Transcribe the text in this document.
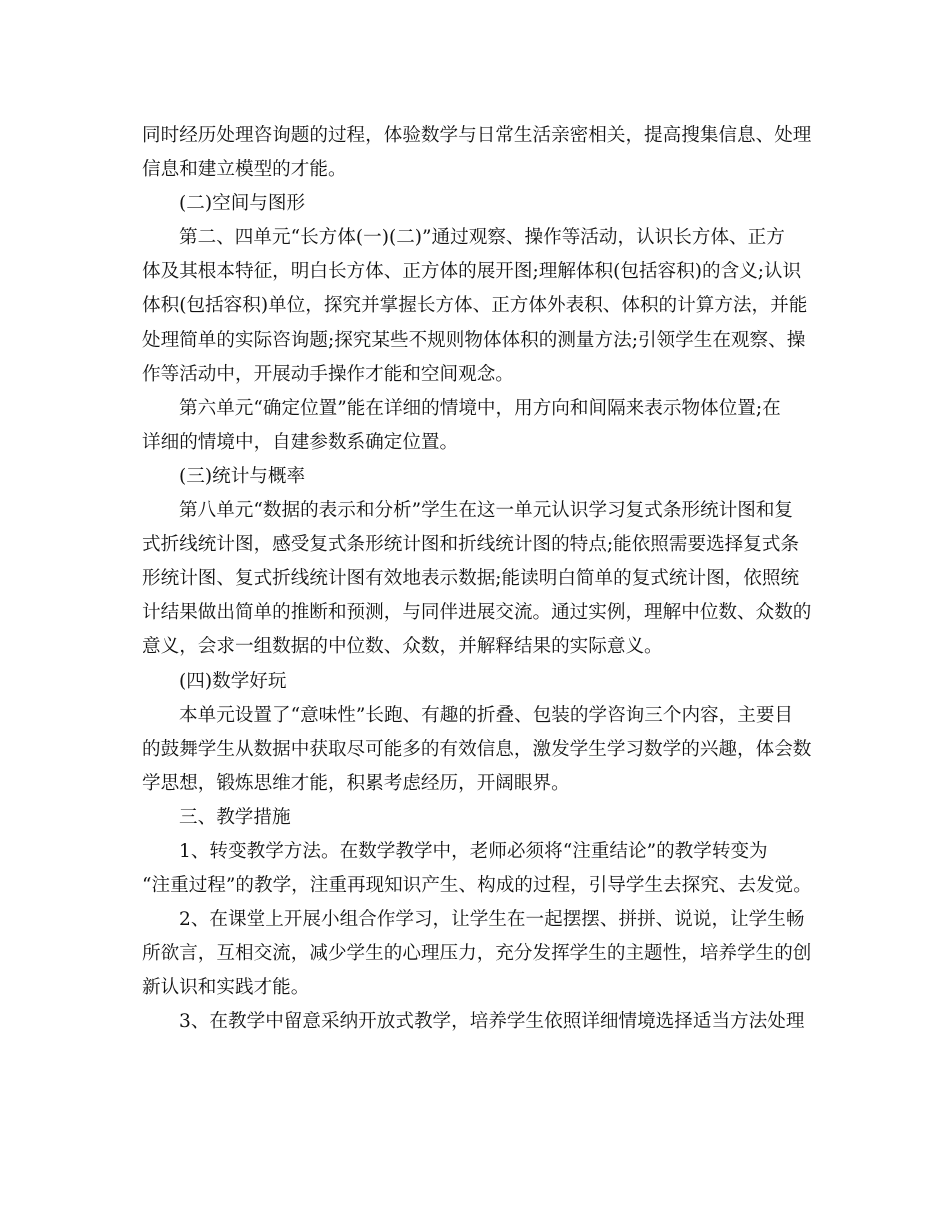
同时经历处理咨询题的过程，体验数学与日常生活亲密相关，提高搜集信息、处理
信息和建立模型的才能。
(二)空间与图形
第二、四单元“长方体(一)(二)”通过观察、操作等活动，认识长方体、正方
体及其根本特征，明白长方体、正方体的展开图;理解体积(包括容积)的含义;认识
体积(包括容积)单位，探究并掌握长方体、正方体外表积、体积的计算方法，并能
处理简单的实际咨询题;探究某些不规则物体体积的测量方法;引领学生在观察、操
作等活动中，开展动手操作才能和空间观念。
第六单元“确定位置”能在详细的情境中，用方向和间隔来表示物体位置;在
详细的情境中，自建参数系确定位置。
(三)统计与概率
第八单元“数据的表示和分析”学生在这一单元认识学习复式条形统计图和复
式折线统计图，感受复式条形统计图和折线统计图的特点;能依照需要选择复式条
形统计图、复式折线统计图有效地表示数据;能读明白简单的复式统计图，依照统
计结果做出简单的推断和预测，与同伴进展交流。通过实例，理解中位数、众数的
意义，会求一组数据的中位数、众数，并解释结果的实际意义。
(四)数学好玩
本单元设置了“意味性”长跑、有趣的折叠、包装的学咨询三个内容，主要目
的鼓舞学生从数据中获取尽可能多的有效信息，激发学生学习数学的兴趣，体会数
学思想，锻炼思维才能，积累考虑经历，开阔眼界。
三、教学措施
1、转变教学方法。在数学教学中，老师必须将“注重结论”的教学转变为
“注重过程”的教学，注重再现知识产生、构成的过程，引导学生去探究、去发觉。
2、在课堂上开展小组合作学习，让学生在一起摆摆、拼拼、说说，让学生畅
所欲言，互相交流，减少学生的心理压力，充分发挥学生的主题性，培养学生的创
新认识和实践才能。
3、在教学中留意采纳开放式教学，培养学生依照详细情境选择适当方法处理
